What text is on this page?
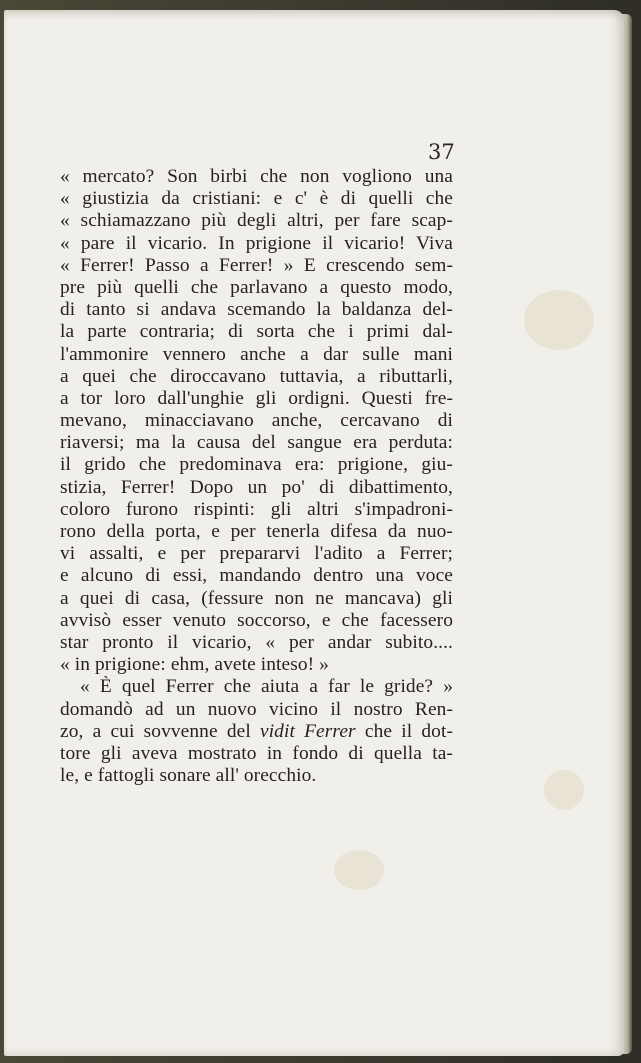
37
« mercato? Son birbi che non vogliono una
« giustizia da cristiani: e c' è di quelli che
« schiamazzano più degli altri, per fare scap-
« pare il vicario. In prigione il vicario! Viva
« Ferrer! Passo a Ferrer! » E crescendo sem-
pre più quelli che parlavano a questo modo,
di tanto si andava scemando la baldanza del-
la parte contraria; di sorta che i primi dal-
l'ammonire vennero anche a dar sulle mani
a quei che diroccavano tuttavia, a ributtarli,
a tor loro dall'unghie gli ordigni. Questi fre-
mevano, minacciavano anche, cercavano di
riaversi; ma la causa del sangue era perduta:
il grido che predominava era: prigione, giu-
stizia, Ferrer! Dopo un po' di dibattimento,
coloro furono rispinti: gli altri s'impadroni-
rono della porta, e per tenerla difesa da nuo-
vi assalti, e per prepararvi l'adito a Ferrer;
e alcuno di essi, mandando dentro una voce
a quei di casa, (fessure non ne mancava) gli
avvisò esser venuto soccorso, e che facessero
star pronto il vicario, « per andar subito....
« in prigione: ehm, avete inteso! »
« È quel Ferrer che aiuta a far le gride? »
domandò ad un nuovo vicino il nostro Ren-
zo, a cui sovvenne del vidit Ferrer che il dot-
tore gli aveva mostrato in fondo di quella ta-
le, e fattogli sonare all' orecchio.
